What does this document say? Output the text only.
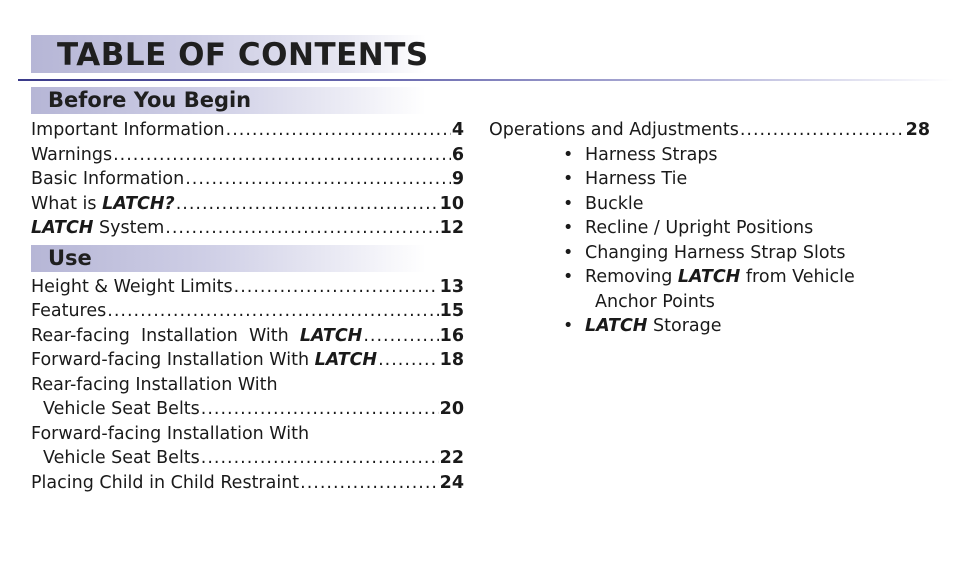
TABLE OF CONTENTS
Before You Begin
Use
Important Information .....	4
Warnings .....	6
Basic Information .....	9
What is LATCH? .....	10
LATCH System .....	12
Height & Weight Limits .....	13
Features .....	15
Rear-facing  Installation  With  LATCH .....	16
Forward-facing Installation With LATCH .....	18
Rear-facing Installation With
Vehicle Seat Belts .....	20
Forward-facing Installation With
Vehicle Seat Belts .....	22
Placing Child in Child Restraint .....	24
Operations and Adjustments .....	28
• Harness Straps
• Harness Tie
• Buckle
• Recline / Upright Positions
• Changing Harness Strap Slots
• Removing LATCH from Vehicle
Anchor Points
• LATCH Storage
